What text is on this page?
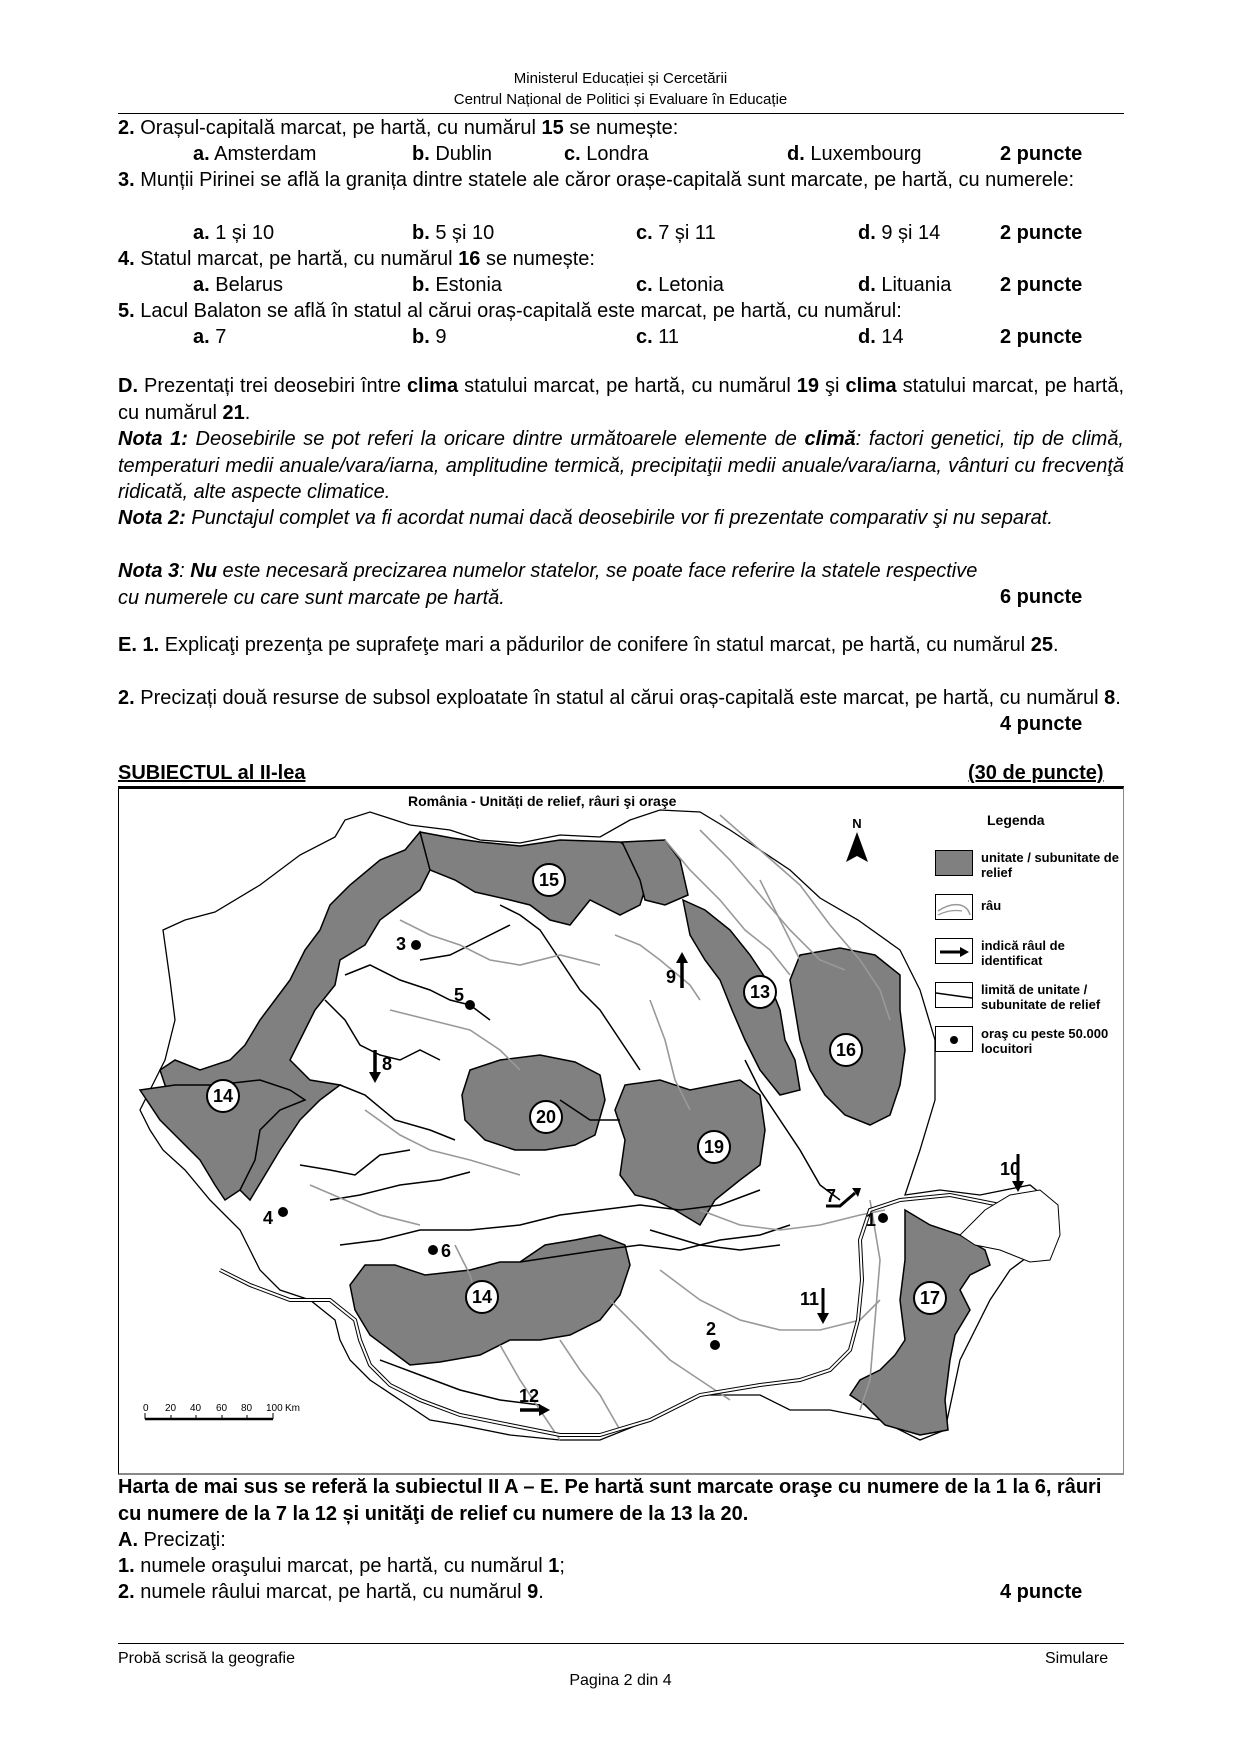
Ministerul Educației și Cercetării
Centrul Național de Politici și Evaluare în Educație
2. Orașul-capitală marcat, pe hartă, cu numărul 15 se numește:
a. Amsterdam	b. Dublin	c. Londra	d. Luxembourg	2 puncte
3. Munții Pirinei se află la granița dintre statele ale căror orașe-capitală sunt marcate, pe hartă, cu numerele:
a. 1 și 10	b. 5 și 10	c. 7 și 11	d. 9 și 14	2 puncte
4. Statul marcat, pe hartă, cu numărul 16 se numește:
a. Belarus	b. Estonia	c. Letonia	d. Lituania 2 puncte
5. Lacul Balaton se află în statul al cărui oraș-capitală este marcat, pe hartă, cu numărul:
a. 7	b. 9	c. 11	d. 14	2 puncte
D. Prezentați trei deosebiri între clima statului marcat, pe hartă, cu numărul 19 şi clima statului marcat, pe hartă, cu numărul 21.
Nota 1: Deosebirile se pot referi la oricare dintre următoarele elemente de climă: factori genetici, tip de climă, temperaturi medii anuale/vara/iarna, amplitudine termică, precipitaţii medii anuale/vara/iarna, vânturi cu frecvenţă ridicată, alte aspecte climatice.
Nota 2: Punctajul complet va fi acordat numai dacă deosebirile vor fi prezentate comparativ şi nu separat.
Nota 3: Nu este necesară precizarea numelor statelor, se poate face referire la statele respective cu numerele cu care sunt marcate pe hartă.	6 puncte
E. 1. Explicaţi prezenţa pe suprafeţe mari a pădurilor de conifere în statul marcat, pe hartă, cu numărul 25.
2. Precizați două resurse de subsol exploatate în statul al cărui oraș-capitală este marcat, pe hartă, cu numărul 8.
4 puncte
SUBIECTUL al II-lea	(30 de puncte)
0 20 40 60 80 100 Km
N
3
5
4
6
1
2
7
8
9
10
11
12
15
13
16
14
20
19
14	17
România - Unități de relief, râuri şi oraşe
Legenda
unitate / subunitate de relief
râu
indică râul de identificat
limită de unitate / subunitate de relief
oraş cu peste 50.000 locuitori
Harta de mai sus se referă la subiectul II A – E. Pe hartă sunt marcate oraşe cu numere de la 1 la 6, râuri cu numere de la 7 la 12 și unităţi de relief cu numere de la 13 la 20.
A. Precizaţi:
1. numele oraşului marcat, pe hartă, cu numărul 1;
2. numele râului marcat, pe hartă, cu numărul 9.	4 puncte
Probă scrisă la geografie	Simulare
Pagina 2 din 4
